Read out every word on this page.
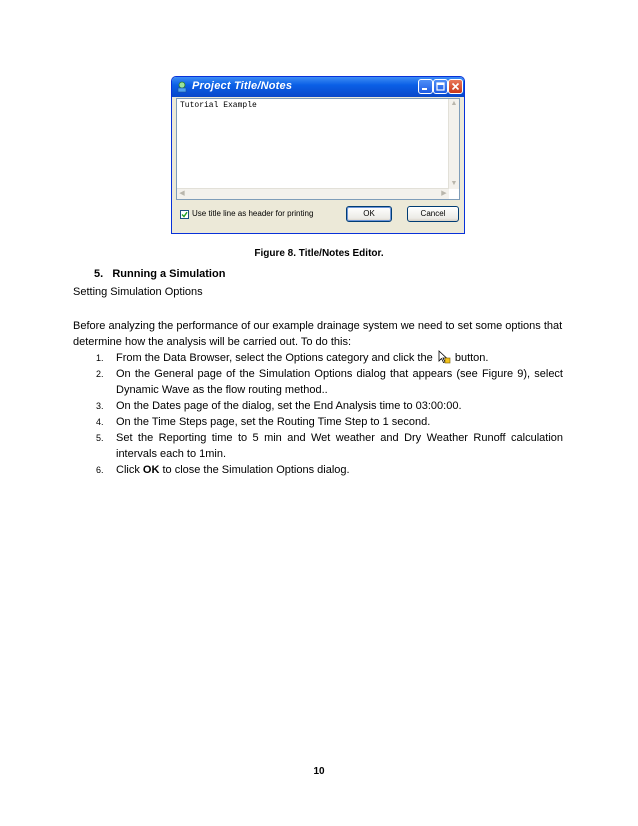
Project Title/Notes
Tutorial Example	▲
▼
◀	▶
Use title line as header for printing	OK	Cancel
Figure 8. Title/Notes Editor.
5. Running a Simulation
Setting Simulation Options

Before analyzing the performance of our example drainage system we need to set some options that determine how the analysis will be carried out. To do this:

1. From the Data Browser, select the Options category and click the button.
2. On the General page of the Simulation Options dialog that appears (see Figure 9), select Dynamic Wave as the flow routing method..
3. On the Dates page of the dialog, set the End Analysis time to 03:00:00.
4. On the Time Steps page, set the Routing Time Step to 1 second.
5. Set the Reporting time to 5 min and Wet weather and Dry Weather Runoff calculation intervals each to 1min.
6. Click OK to close the Simulation Options dialog.
10
